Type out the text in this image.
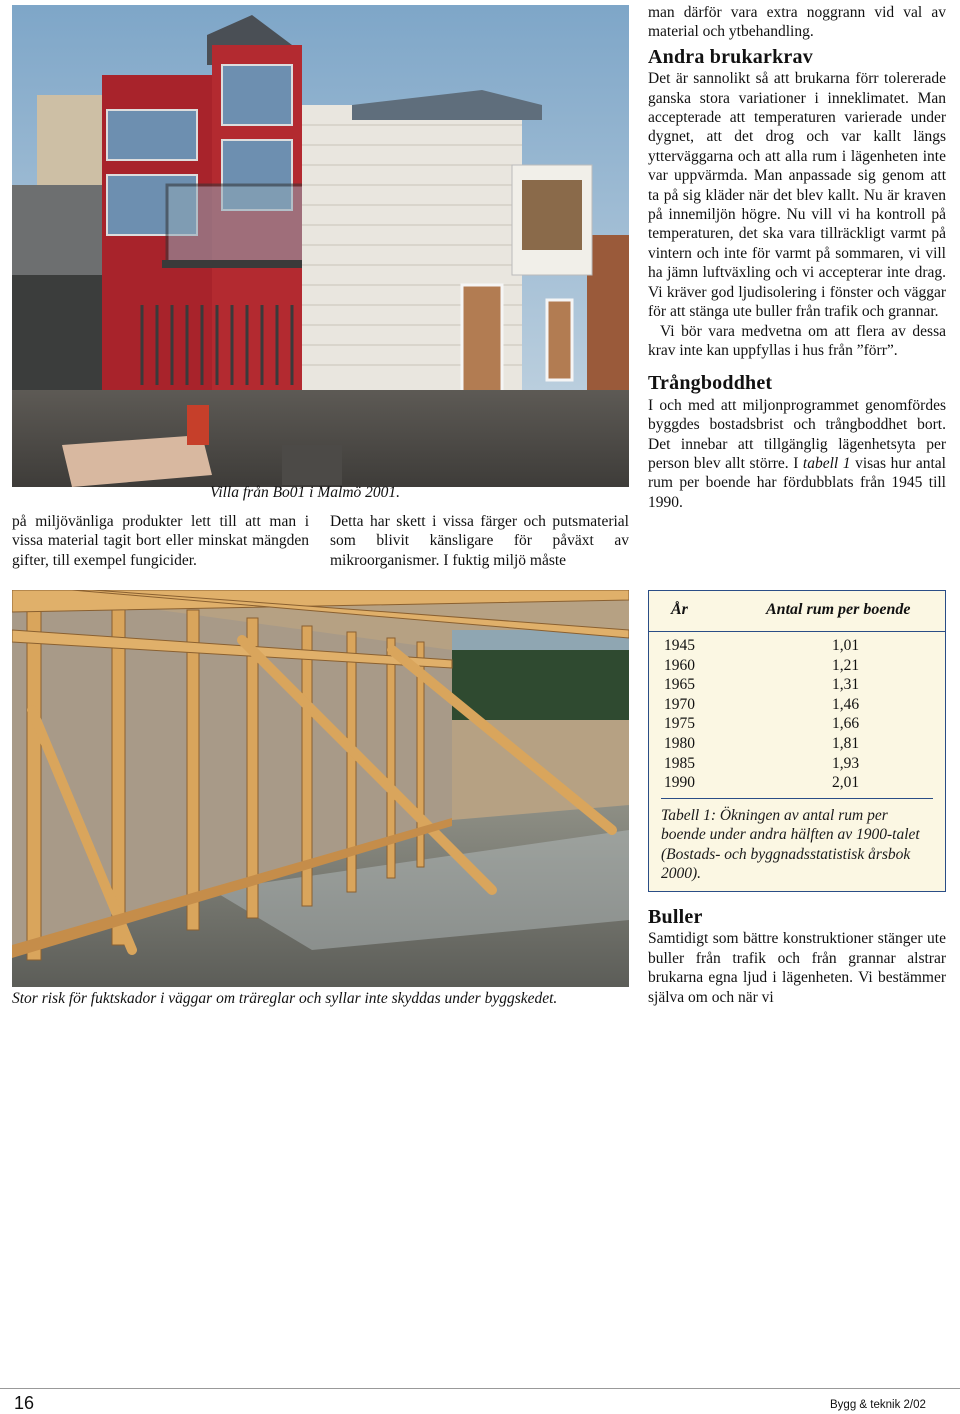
Villa från Bo01 i Malmö 2001.
på miljövänliga produkter lett till att man i vissa material tagit bort eller minskat mängden gifter, till exempel fungicider.
Detta har skett i vissa färger och putsmaterial som blivit känsligare för påväxt av mikroorganismer. I fuktig miljö måste
Stor risk för fuktskador i väggar om träreglar och syllar inte skyddas under byggskedet.

man därför vara extra noggrann vid val av material och ytbehandling.

Andra brukarkrav

Det är sannolikt så att brukarna förr tolererade ganska stora variationer i inneklimatet. Man accepterade att temperaturen varierade under dygnet, att det drog och var kallt längs ytterväggarna och att alla rum i lägenheten inte var uppvärmda. Man anpassade sig genom att ta på sig kläder när det blev kallt. Nu är kraven på innemiljön högre. Nu vill vi ha kontroll på temperaturen, det ska vara tillräckligt varmt på vintern och inte för varmt på sommaren, vi vill ha jämn luftväxling och vi accepterar inte drag. Vi kräver god ljudisolering i fönster och väggar för att stänga ute buller från trafik och grannar.

Vi bör vara medvetna om att flera av dessa krav inte kan uppfyllas i hus från ”förr”.

Trångboddhet

I och med att miljonprogrammet genomfördes byggdes bostadsbrist och trångboddhet bort. Det innebar att tillgänglig lägenhetsyta per person blev allt större. I tabell 1 visas hur antal rum per boende har fördubblats från 1945 till 1990.

År	Antal rum per boende
1945	1,01
1960	1,21
1965	1,31
1970	1,46
1975	1,66
1980	1,81
1985	1,93
1990	2,01
Tabell 1: Ökningen av antal rum per boende under andra hälften av 1900-talet (Bostads- och byggnadsstatistisk årsbok 2000).
Buller

Samtidigt som bättre konstruktioner stänger ute buller från trafik och från grannar alstrar brukarna egna ljud i lägenheten. Vi bestämmer själva om och när vi

16	Bygg & teknik 2/02
